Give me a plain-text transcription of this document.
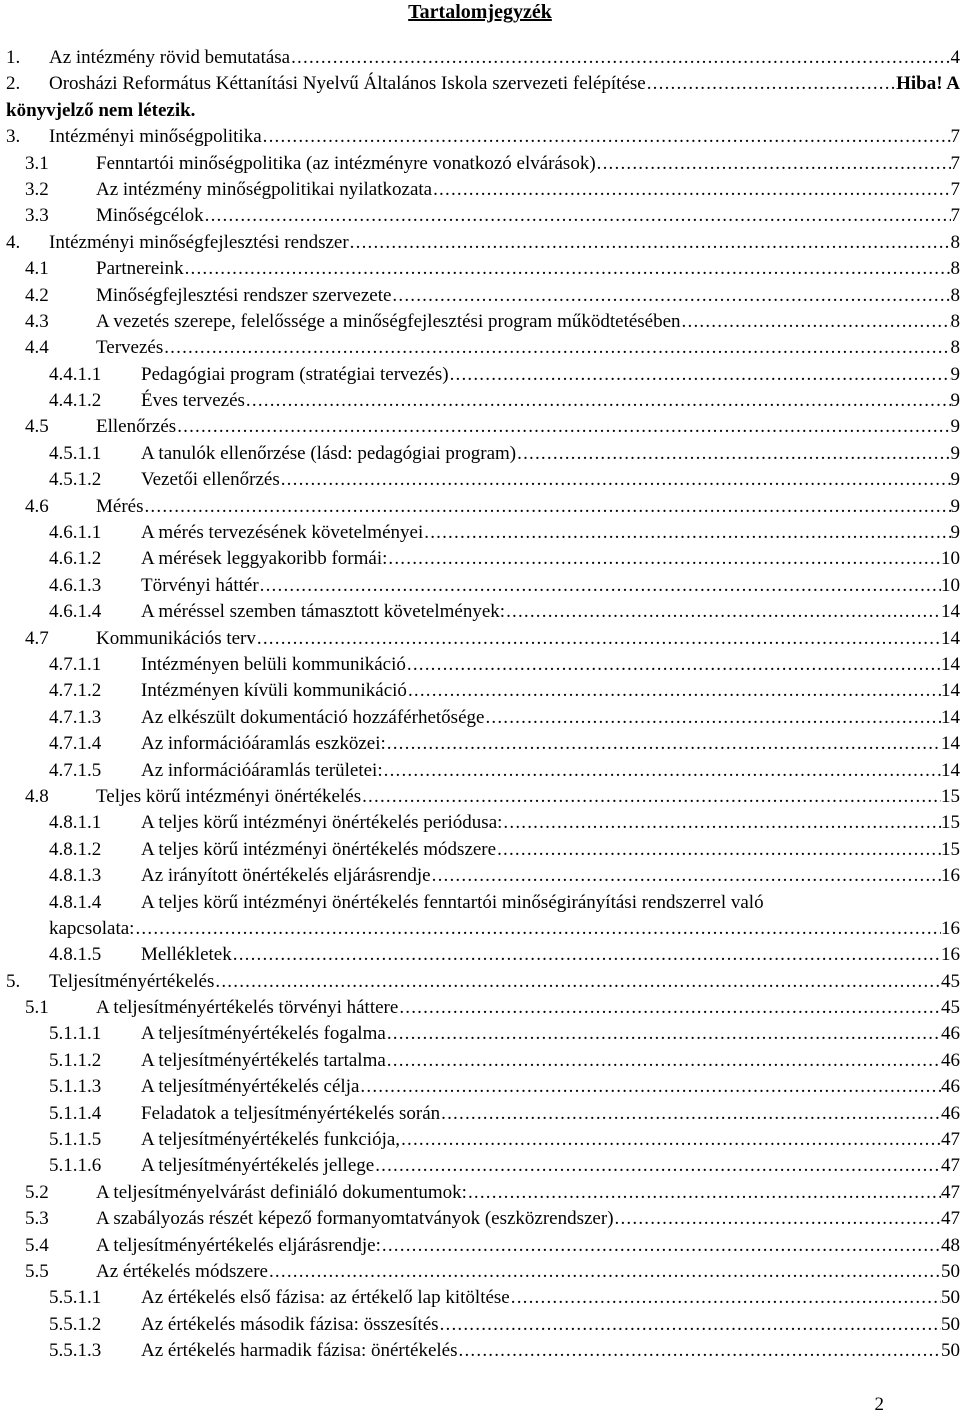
Tartalomjegyzék
1. Az intézmény rövid bemutatása .....	4
2. Orosházi Református Kéttanítási Nyelvű Általános Iskola szervezeti felépítése .....	Hiba! A
könyvjelző nem létezik.
3. Intézményi minőségpolitika .....	7
3.1 Fenntartói minőségpolitika (az intézményre vonatkozó elvárások) .....	7
3.2 Az intézmény minőségpolitikai nyilatkozata .....	7
3.3 Minőségcélok .....	7
4. Intézményi minőségfejlesztési rendszer .....	8
4.1 Partnereink .....	8
4.2 Minőségfejlesztési rendszer szervezete .....	8
4.3 A vezetés szerepe, felelőssége a minőségfejlesztési program működtetésében .....	8
4.4 Tervezés .....	8
4.4.1.1 Pedagógiai program (stratégiai tervezés) .....	9
4.4.1.2 Éves tervezés .....	9
4.5 Ellenőrzés .....	9
4.5.1.1 A tanulók ellenőrzése (lásd: pedagógiai program) .....	9
4.5.1.2 Vezetői ellenőrzés .....	9
4.6 Mérés .....	9
4.6.1.1 A mérés tervezésének követelményei .....	9
4.6.1.2 A mérések leggyakoribb formái: .....	10
4.6.1.3 Törvényi háttér .....	10
4.6.1.4 A méréssel szemben támasztott követelmények: .....	14
4.7 Kommunikációs terv .....	14
4.7.1.1 Intézményen belüli kommunikáció .....	14
4.7.1.2 Intézményen kívüli kommunikáció .....	14
4.7.1.3 Az elkészült dokumentáció hozzáférhetősége .....	14
4.7.1.4 Az információáramlás eszközei: .....	14
4.7.1.5 Az információáramlás területei: .....	14
4.8 Teljes körű intézményi önértékelés .....	15
4.8.1.1 A teljes körű intézményi önértékelés periódusa: .....	15
4.8.1.2 A teljes körű intézményi önértékelés módszere .....	15
4.8.1.3 Az irányított önértékelés eljárásrendje .....	16
4.8.1.4 A teljes körű intézményi önértékelés fenntartói minőségirányítási rendszerrel való
kapcsolata: .....	16
4.8.1.5 Mellékletek .....	16
5. Teljesítményértékelés .....	45
5.1 A teljesítményértékelés törvényi háttere .....	45
5.1.1.1 A teljesítményértékelés fogalma .....	46
5.1.1.2 A teljesítményértékelés tartalma .....	46
5.1.1.3 A teljesítményértékelés célja .....	46
5.1.1.4 Feladatok a teljesítményértékelés során .....	46
5.1.1.5 A teljesítményértékelés funkciója, .....	47
5.1.1.6 A teljesítményértékelés jellege .....	47
5.2 A teljesítményelvárást definiáló dokumentumok: .....	47
5.3 A szabályozás részét képező formanyomtatványok (eszközrendszer) .....	47
5.4 A teljesítményértékelés eljárásrendje: .....	48
5.5 Az értékelés módszere .....	50
5.5.1.1 Az értékelés első fázisa: az értékelő lap kitöltése .....	50
5.5.1.2 Az értékelés második fázisa: összesítés .....	50
5.5.1.3 Az értékelés harmadik fázisa: önértékelés .....	50
2
